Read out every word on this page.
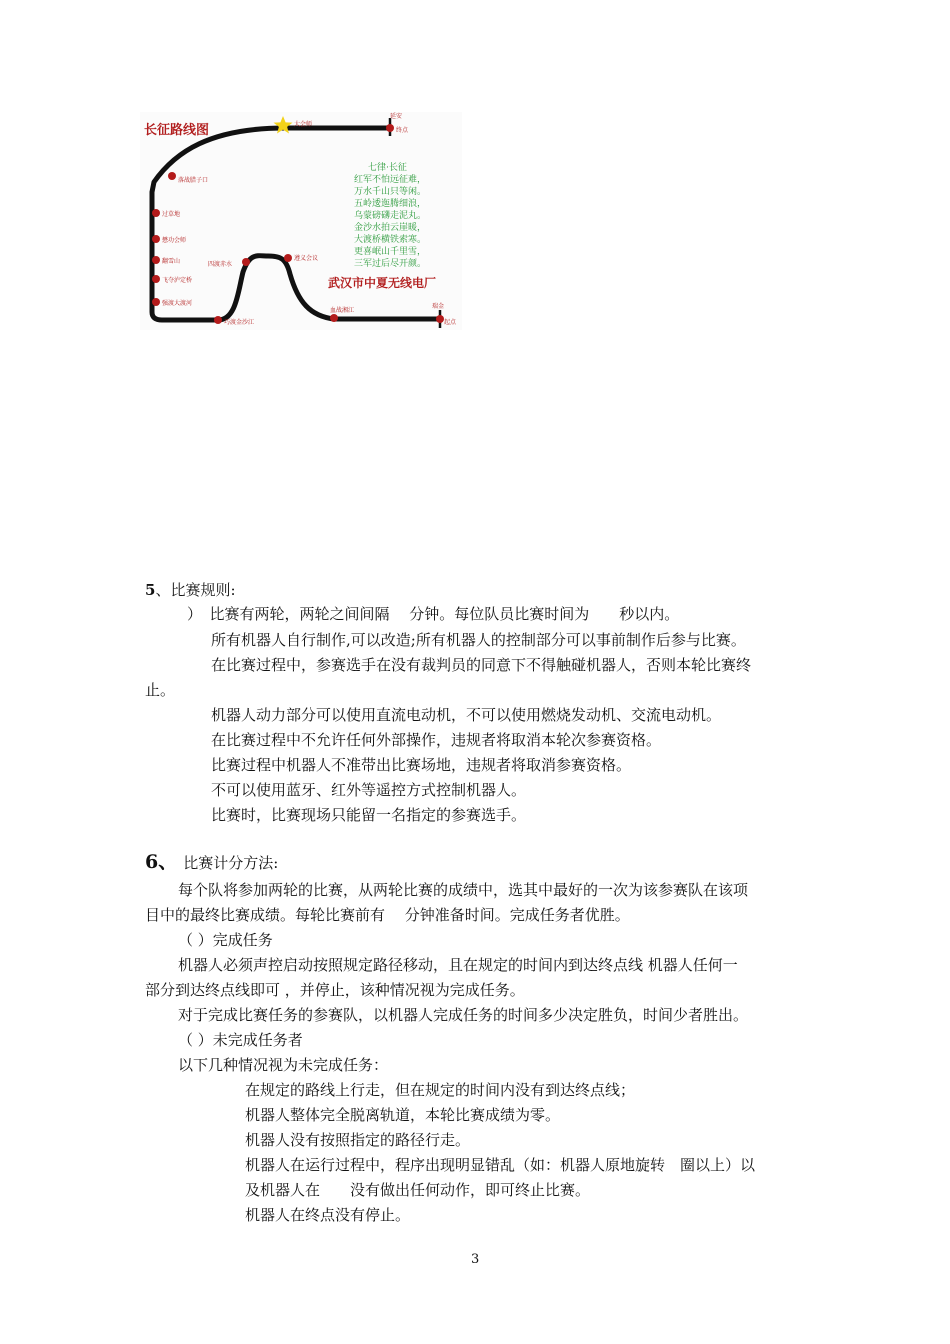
长征路线图	大会师
延安
终点
落战腊子口
过草地
懋功会师
翻雪山
飞夺泸定桥
强渡大渡河
巧渡金沙江
四渡赤水
遵义会议
血战湘江
瑞金
起点
七律·长征
红军不怕远征难，
万水千山只等闲。
五岭逶迤腾细浪，
乌蒙磅礴走泥丸。
金沙水拍云崖暖，
大渡桥横铁索寒。
更喜岷山千里雪，
三军过后尽开颜。
武汉市中夏无线电厂
5、比赛规则:
）　比赛有两轮，两轮之间间隔　 分钟。每位队员比赛时间为　　秒以内。
所有机器人自行制作,可以改造;所有机器人的控制部分可以事前制作后参与比赛。
在比赛过程中，参赛选手在没有裁判员的同意下不得触碰机器人，否则本轮比赛终
止。
机器人动力部分可以使用直流电动机，不可以使用燃烧发动机、交流电动机。
在比赛过程中不允许任何外部操作，违规者将取消本轮次参赛资格。
比赛过程中机器人不准带出比赛场地，违规者将取消参赛资格。
不可以使用蓝牙、红外等遥控方式控制机器人。
比赛时，比赛现场只能留一名指定的参赛选手。
6、 比赛计分方法:
每个队将参加两轮的比赛，从两轮比赛的成绩中，选其中最好的一次为该参赛队在该项
目中的最终比赛成绩。每轮比赛前有　 分钟准备时间。完成任务者优胜。
（ ）完成任务
机器人必须声控启动按照规定路径移动，且在规定的时间内到达终点线 机器人任何一
部分到达终点线即可 ，并停止，该种情况视为完成任务。
对于完成比赛任务的参赛队，以机器人完成任务的时间多少决定胜负，时间少者胜出。
（ ）未完成任务者
以下几种情况视为未完成任务：
在规定的路线上行走，但在规定的时间内没有到达终点线；
机器人整体完全脱离轨道，本轮比赛成绩为零。
机器人没有按照指定的路径行走。
机器人在运行过程中，程序出现明显错乱（如：机器人原地旋转　圈以上）以
及机器人在　　没有做出任何动作，即可终止比赛。
机器人在终点没有停止。
3
